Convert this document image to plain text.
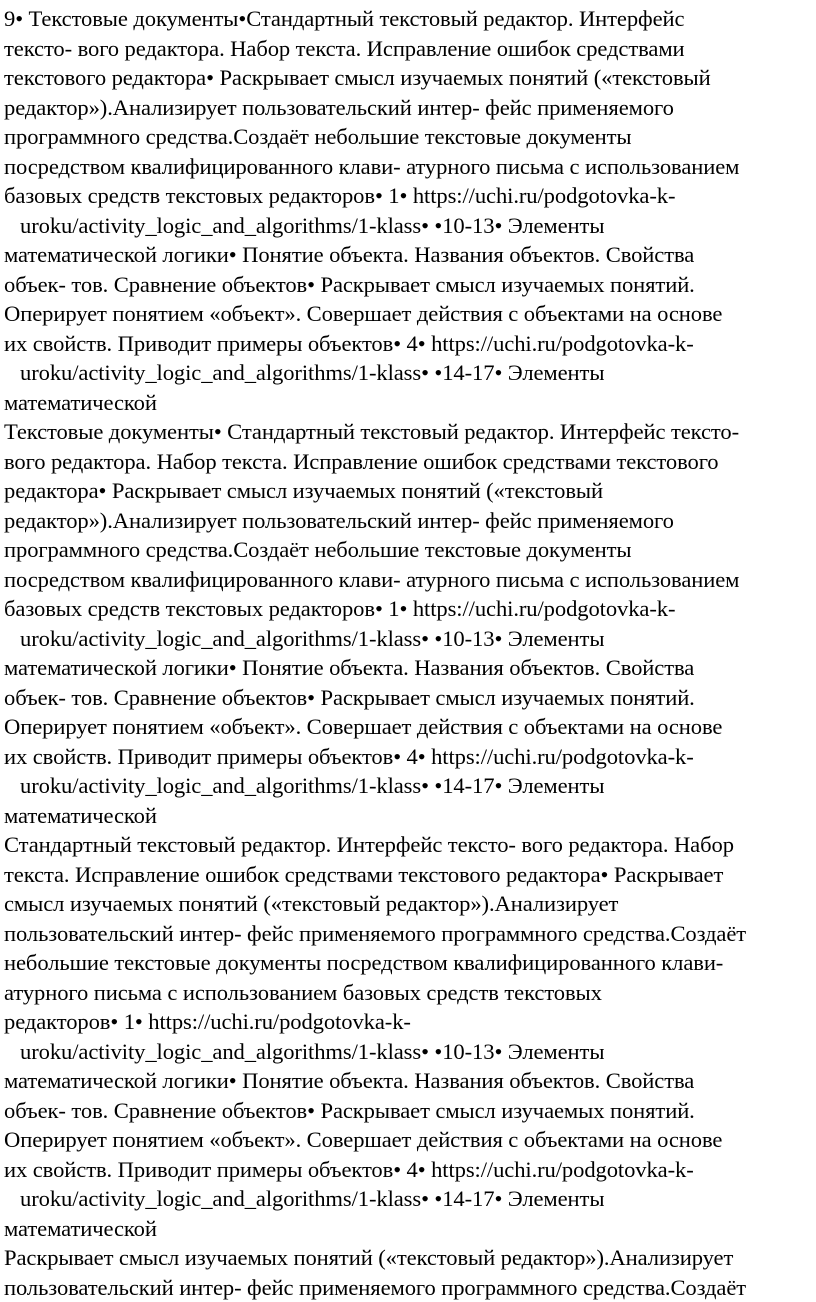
9• Текстовые документы•Стандартный текстовый редактор. Интерфейс
тексто- вого редактора. Набор текста. Исправление ошибок средствами
текстового редактора• Раскрывает смысл изучаемых понятий («текстовый
редактор»).Анализирует пользовательский интер- фейс применяемого
программного средства.Создаёт небольшие текстовые документы
посредством квалифицированного клави- атурного письма с использованием
базовых средств текстовых редакторов• 1• https://uchi.ru/podgotovka-k-
uroku/activity_logic_and_algorithms/1-klass• •10-13• Элементы
математической логики• Понятие объекта. Названия объектов. Свойства
объек- тов. Сравнение объектов• Раскрывает смысл изучаемых понятий.
Оперирует понятием «объект». Совершает действия с объектами на основе
их свойств. Приводит примеры объектов• 4• https://uchi.ru/podgotovka-k-
uroku/activity_logic_and_algorithms/1-klass• •14-17• Элементы
математической
Текстовые документы• Стандартный текстовый редактор. Интерфейс тексто-
вого редактора. Набор текста. Исправление ошибок средствами текстового
редактора• Раскрывает смысл изучаемых понятий («текстовый
редактор»).Анализирует пользовательский интер- фейс применяемого
программного средства.Создаёт небольшие текстовые документы
посредством квалифицированного клави- атурного письма с использованием
базовых средств текстовых редакторов• 1• https://uchi.ru/podgotovka-k-
uroku/activity_logic_and_algorithms/1-klass• •10-13• Элементы
математической логики• Понятие объекта. Названия объектов. Свойства
объек- тов. Сравнение объектов• Раскрывает смысл изучаемых понятий.
Оперирует понятием «объект». Совершает действия с объектами на основе
их свойств. Приводит примеры объектов• 4• https://uchi.ru/podgotovka-k-
uroku/activity_logic_and_algorithms/1-klass• •14-17• Элементы
математической
Стандартный текстовый редактор. Интерфейс тексто- вого редактора. Набор
текста. Исправление ошибок средствами текстового редактора• Раскрывает
смысл изучаемых понятий («текстовый редактор»).Анализирует
пользовательский интер- фейс применяемого программного средства.Создаёт
небольшие текстовые документы посредством квалифицированного клави-
атурного письма с использованием базовых средств текстовых
редакторов• 1• https://uchi.ru/podgotovka-k-
uroku/activity_logic_and_algorithms/1-klass• •10-13• Элементы
математической логики• Понятие объекта. Названия объектов. Свойства
объек- тов. Сравнение объектов• Раскрывает смысл изучаемых понятий.
Оперирует понятием «объект». Совершает действия с объектами на основе
их свойств. Приводит примеры объектов• 4• https://uchi.ru/podgotovka-k-
uroku/activity_logic_and_algorithms/1-klass• •14-17• Элементы
математической
Раскрывает смысл изучаемых понятий («текстовый редактор»).Анализирует
пользовательский интер- фейс применяемого программного средства.Создаёт
